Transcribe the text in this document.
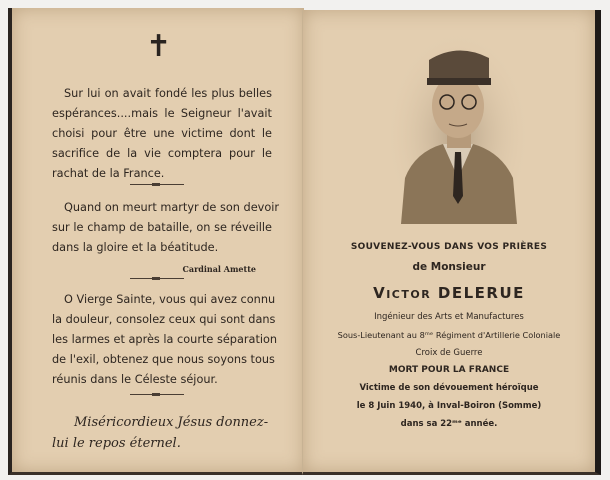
✝
Sur lui on avait fondé les plus belles
espérances....mais le Seigneur l'avait
choisi pour être une victime dont le
sacrifice de la vie comptera pour le
rachat de la France.
Quand on meurt martyr de son devoir
sur le champ de bataille, on se réveille
dans la gloire et la béatitude.
Cardinal Amette
O Vierge Sainte, vous qui avez connu
la douleur, consolez ceux qui sont dans
les larmes et après la courte séparation
de l'exil, obtenez que nous soyons tous
réunis dans le Céleste séjour.
Miséricordieux Jésus donnez-
lui le repos éternel.
SOUVENEZ-VOUS DANS VOS PRIÈRES
de Monsieur
Victor DELERUE
Ingénieur des Arts et Manufactures
Sous-Lieutenant au 8ᵐᵉ Régiment d'Artillerie Coloniale
Croix de Guerre
MORT POUR LA FRANCE
Victime de son dévouement héroïque
le 8 Juin 1940, à Inval-Boiron (Somme)
dans sa 22ᵐᵉ année.
